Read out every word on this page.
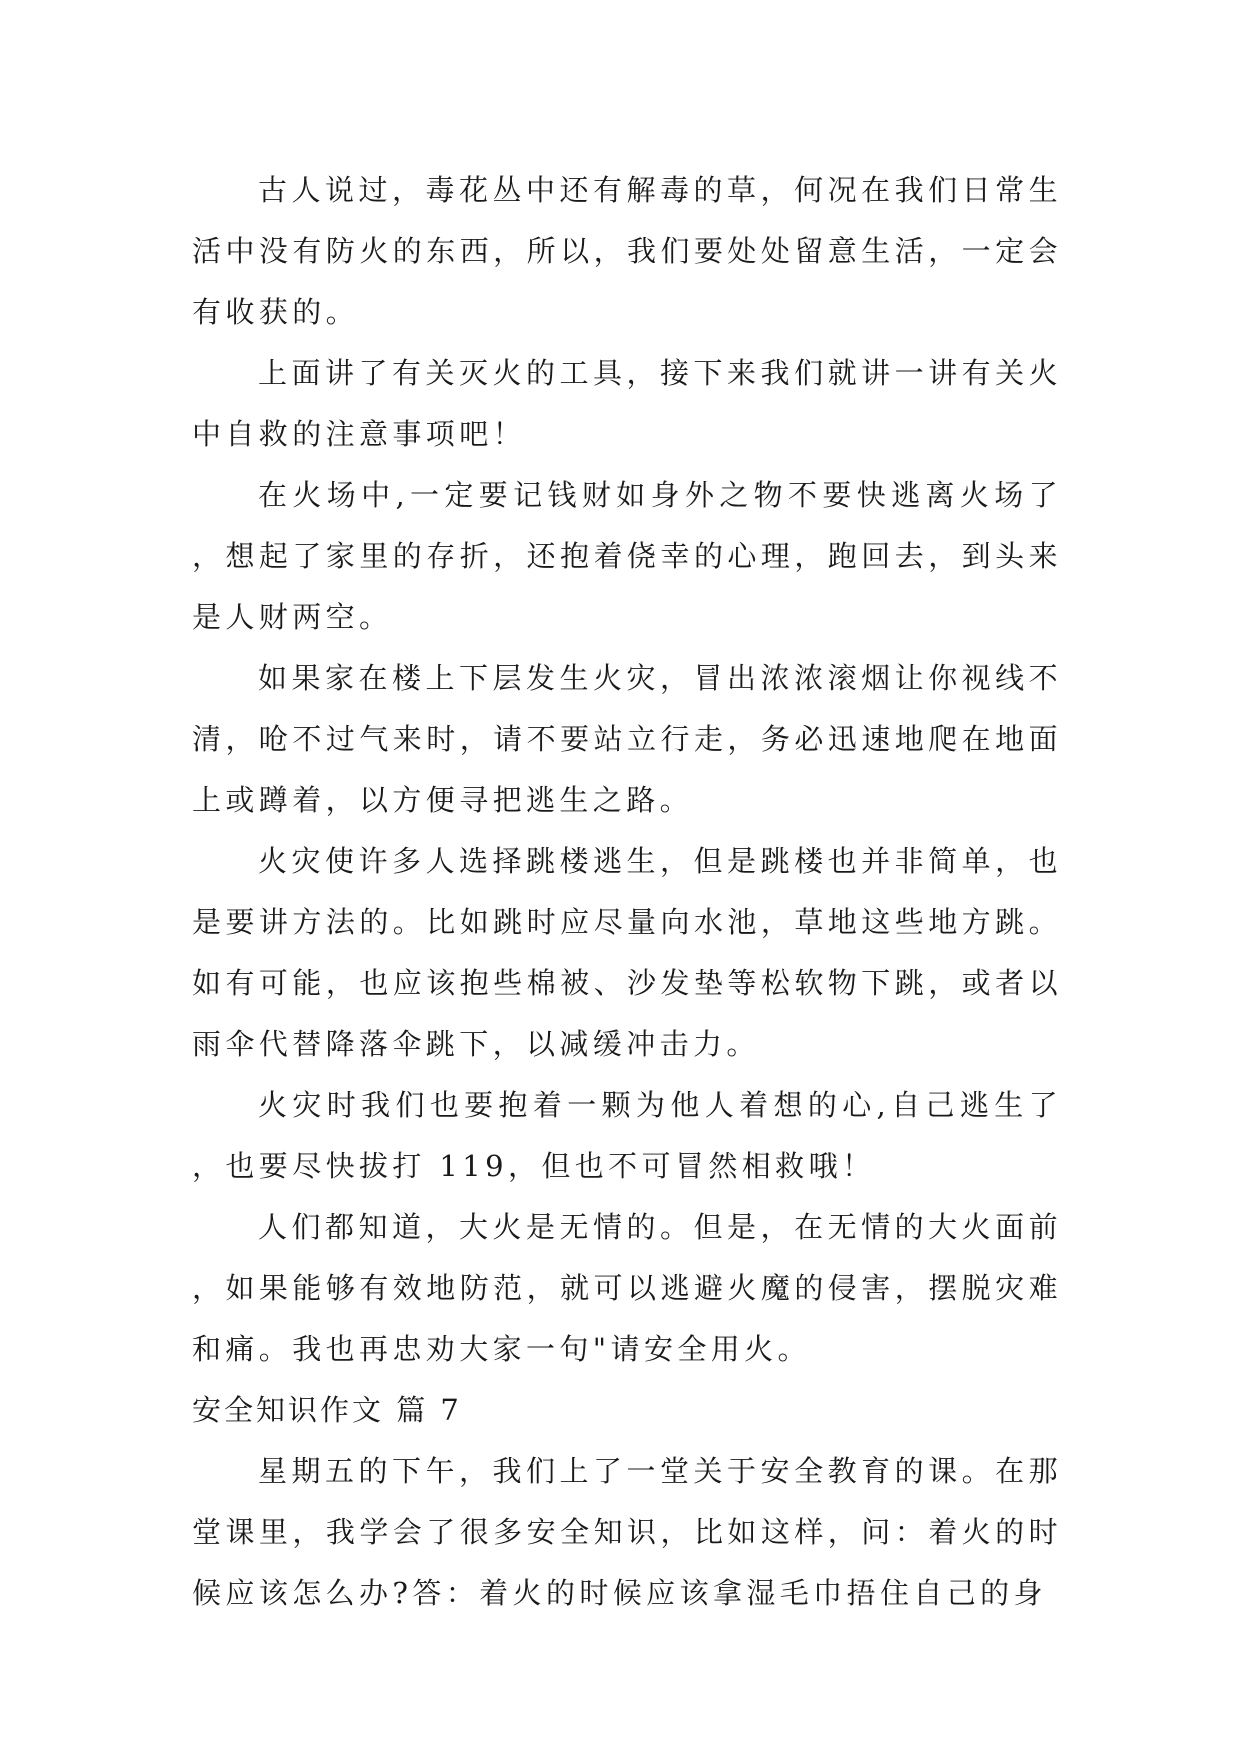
古人说过，毒花丛中还有解毒的草，何况在我们日常生活中没有防火的东西，所以，我们要处处留意生活，一定会有收获的。

上面讲了有关灭火的工具，接下来我们就讲一讲有关火中自救的注意事项吧！

在火场中,一定要记钱财如身外之物不要快逃离火场了，想起了家里的存折，还抱着侥幸的心理，跑回去，到头来是人财两空。

如果家在楼上下层发生火灾，冒出浓浓滚烟让你视线不清，呛不过气来时，请不要站立行走，务必迅速地爬在地面上或蹲着，以方便寻把逃生之路。

火灾使许多人选择跳楼逃生，但是跳楼也并非简单，也是要讲方法的。比如跳时应尽量向水池，草地这些地方跳。如有可能，也应该抱些棉被、沙发垫等松软物下跳，或者以雨伞代替降落伞跳下，以减缓冲击力。

火灾时我们也要抱着一颗为他人着想的心,自己逃生了，也要尽快拔打 119，但也不可冒然相救哦！

人们都知道，大火是无情的。但是，在无情的大火面前，如果能够有效地防范，就可以逃避火魔的侵害，摆脱灾难和痛。我也再忠劝大家一句"请安全用火。

安全知识作文 篇 7

星期五的下午，我们上了一堂关于安全教育的课。在那堂课里，我学会了很多安全知识，比如这样，问：着火的时候应该怎么办?答：着火的时候应该拿湿毛巾捂住自己的身
